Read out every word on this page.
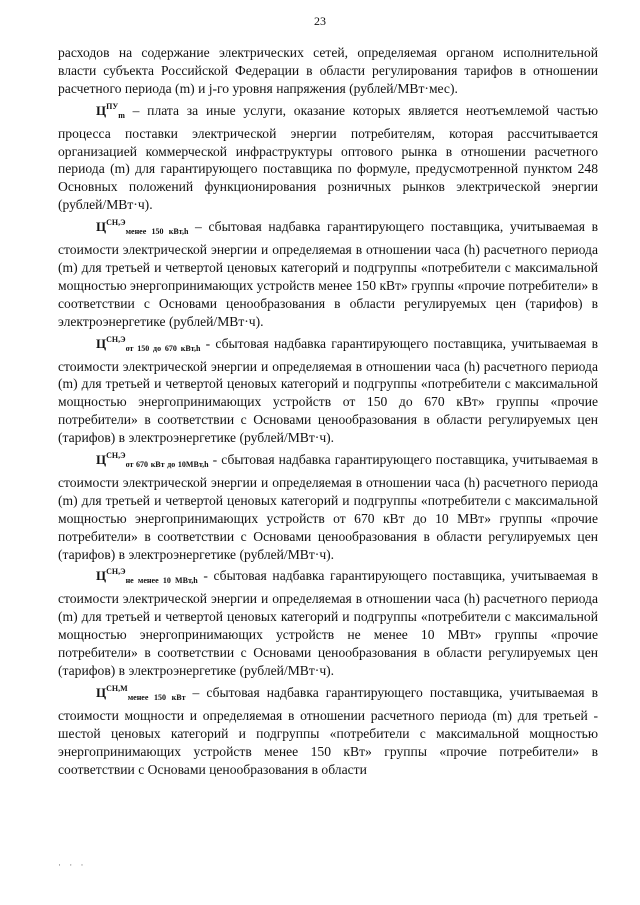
23

расходов на содержание электрических сетей, определяемая органом исполнительной власти субъекта Российской Федерации в области регулирования тарифов в отношении расчетного периода (m) и j-го уровня напряжения (рублей/МВт·мес).

$Ц^{ПУ}_m$ – плата за иные услуги, оказание которых является неотъемлемой частью процесса поставки электрической энергии потребителям, которая рассчитывается организацией коммерческой инфраструктуры оптового рынка в отношении расчетного периода (m) для гарантирующего поставщика по формуле, предусмотренной пунктом 248 Основных положений функционирования розничных рынков электрической энергии (рублей/МВт·ч).

$Ц^{СН,Э}_{менее 150 кВт,h}$ – сбытовая надбавка гарантирующего поставщика, учитываемая в стоимости электрической энергии и определяемая в отношении часа (h) расчетного периода (m) для третьей и четвертой ценовых категорий и подгруппы «потребители с максимальной мощностью энергопринимающих устройств менее 150 кВт» группы «прочие потребители» в соответствии с Основами ценообразования в области регулируемых цен (тарифов) в электроэнергетике (рублей/МВт·ч).

$Ц^{СН,Э}_{от 150 до 670 кВт,h}$ - сбытовая надбавка гарантирующего поставщика, учитываемая в стоимости электрической энергии и определяемая в отношении часа (h) расчетного периода (m) для третьей и четвертой ценовых категорий и подгруппы «потребители с максимальной мощностью энергопринимающих устройств от 150 до 670 кВт» группы «прочие потребители» в соответствии с Основами ценообразования в области регулируемых цен (тарифов) в электроэнергетике (рублей/МВт·ч).

$Ц^{СН,Э}_{от 670 кВт до 10МВт,h}$ - сбытовая надбавка гарантирующего поставщика, учитываемая в стоимости электрической энергии и определяемая в отношении часа (h) расчетного периода (m) для третьей и четвертой ценовых категорий и подгруппы «потребители с максимальной мощностью энергопринимающих устройств от 670 кВт до 10 МВт» группы «прочие потребители» в соответствии с Основами ценообразования в области регулируемых цен (тарифов) в электроэнергетике (рублей/МВт·ч).

$Ц^{СН,Э}_{не менее 10 МВт,h}$ - сбытовая надбавка гарантирующего поставщика, учитываемая в стоимости электрической энергии и определяемая в отношении часа (h) расчетного периода (m) для третьей и четвертой ценовых категорий и подгруппы «потребители с максимальной мощностью энергопринимающих устройств не менее 10 МВт» группы «прочие потребители» в соответствии с Основами ценообразования в области регулируемых цен (тарифов) в электроэнергетике (рублей/МВт·ч).

$Ц^{СН,М}_{менее 150 кВт}$ – сбытовая надбавка гарантирующего поставщика, учитываемая в стоимости мощности и определяемая в отношении расчетного периода (m) для третьей - шестой ценовых категорий и подгруппы «потребители с максимальной мощностью энергопринимающих устройств менее 150 кВт» группы «прочие потребители» в соответствии с Основами ценообразования в области

· · ·
